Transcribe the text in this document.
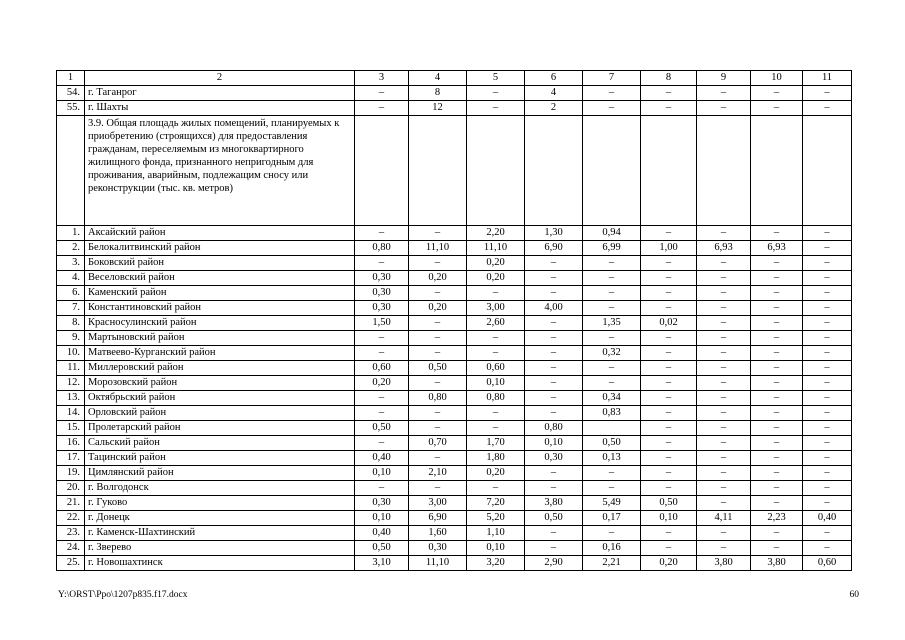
1	2	3	4	5	6	7	8	9	10	11
54.	г. Таганрог	–	8	–	4	–	–	–	–	–
55.	г. Шахты	–	12	–	2	–	–	–	–	–
	3.9. Общая площадь жилых помещений, планируемых к приобретению (строящихся) для предоставления гражданам, переселяемым из многоквартирного жилищного фонда, признанного непригодным для проживания, аварийным, подлежащим сносу или реконструкции (тыс. кв. метров)									
1.	Аксайский район	–	–	2,20	1,30	0,94	–	–	–	–
2.	Белокалитвинский район	0,80	11,10	11,10	6,90	6,99	1,00	6,93	6,93	–
3.	Боковский район	–	–	0,20	–	–	–	–	–	–
4.	Веселовский район	0,30	0,20	0,20	–	–	–	–	–	–
6.	Каменский район	0,30	–	–	–	–	–	–	–	–
7.	Константиновский район	0,30	0,20	3,00	4,00	–	–	–	–	–
8.	Красносулинский район	1,50	–	2,60	–	1,35	0,02	–	–	–
9.	Мартыновский район	–	–	–	–	–	–	–	–	–
10.	Матвеево-Курганский район	–	–	–	–	0,32	–	–	–	–
11.	Миллеровский район	0,60	0,50	0,60	–	–	–	–	–	–
12.	Морозовский район	0,20	–	0,10	–	–	–	–	–	–
13.	Октябрьский район	–	0,80	0,80	–	0,34	–	–	–	–
14.	Орловский район	–	–	–	–	0,83	–	–	–	–
15.	Пролетарский район	0,50	–	–	0,80		–	–	–	–
16.	Сальский район	–	0,70	1,70	0,10	0,50	–	–	–	–
17.	Тацинский район	0,40	–	1,80	0,30	0,13	–	–	–	–
19.	Цимлянский район	0,10	2,10	0,20	–	–	–	–	–	–
20.	г. Волгодонск	–	–	–	–	–	–	–	–	–
21.	г. Гуково	0,30	3,00	7,20	3,80	5,49	0,50	–	–	–
22.	г. Донецк	0,10	6,90	5,20	0,50	0,17	0,10	4,11	2,23	0,40
23.	г. Каменск-Шахтинский	0,40	1,60	1,10	–	–	–	–	–	–
24.	г. Зверево	0,50	0,30	0,10	–	0,16	–	–	–	–
25.	г. Новошахтинск	3,10	11,10	3,20	2,90	2,21	0,20	3,80	3,80	0,60
Y:\ORST\Ppo\1207p835.f17.docx	60
